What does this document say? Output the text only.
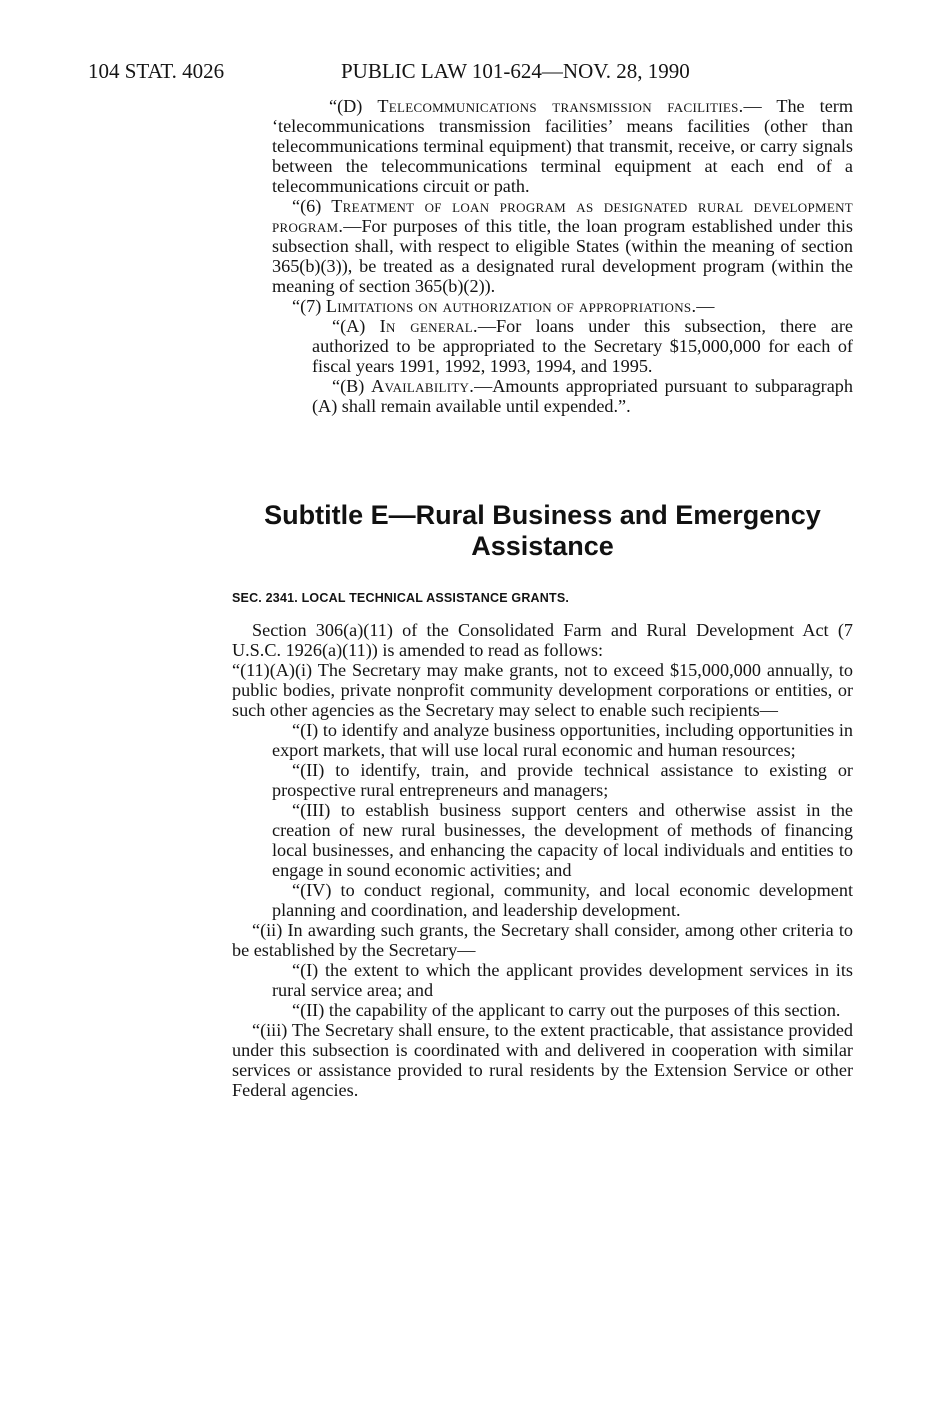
104 STAT. 4026	PUBLIC LAW 101-624—NOV. 28, 1990

“(D) Telecommunications transmission facilities.— The term ‘telecommunications transmission facilities’ means facilities (other than telecommunications terminal equipment) that transmit, receive, or carry signals between the telecommunications terminal equipment at each end of a telecommunications circuit or path.

“(6) Treatment of loan program as designated rural development program.—For purposes of this title, the loan program established under this subsection shall, with respect to eligible States (within the meaning of section 365(b)(3)), be treated as a designated rural development program (within the meaning of section 365(b)(2)).

“(7) Limitations on authorization of appropriations.—

“(A) In general.—For loans under this subsection, there are authorized to be appropriated to the Secretary $15,000,000 for each of fiscal years 1991, 1992, 1993, 1994, and 1995.

“(B) Availability.—Amounts appropriated pursuant to subparagraph (A) shall remain available until expended.”.

Subtitle E—Rural Business and Emergency
Assistance

SEC. 2341. LOCAL TECHNICAL ASSISTANCE GRANTS.

Section 306(a)(11) of the Consolidated Farm and Rural Development Act (7 U.S.C. 1926(a)(11)) is amended to read as follows:

“(11)(A)(i) The Secretary may make grants, not to exceed $15,000,000 annually, to public bodies, private nonprofit community development corporations or entities, or such other agencies as the Secretary may select to enable such recipients—

“(I) to identify and analyze business opportunities, including opportunities in export markets, that will use local rural economic and human resources;

“(II) to identify, train, and provide technical assistance to existing or prospective rural entrepreneurs and managers;

“(III) to establish business support centers and otherwise assist in the creation of new rural businesses, the development of methods of financing local businesses, and enhancing the capacity of local individuals and entities to engage in sound economic activities; and

“(IV) to conduct regional, community, and local economic development planning and coordination, and leadership development.

“(ii) In awarding such grants, the Secretary shall consider, among other criteria to be established by the Secretary—

“(I) the extent to which the applicant provides development services in its rural service area; and

“(II) the capability of the applicant to carry out the purposes of this section.

“(iii) The Secretary shall ensure, to the extent practicable, that assistance provided under this subsection is coordinated with and delivered in cooperation with similar services or assistance provided to rural residents by the Extension Service or other Federal agencies.
